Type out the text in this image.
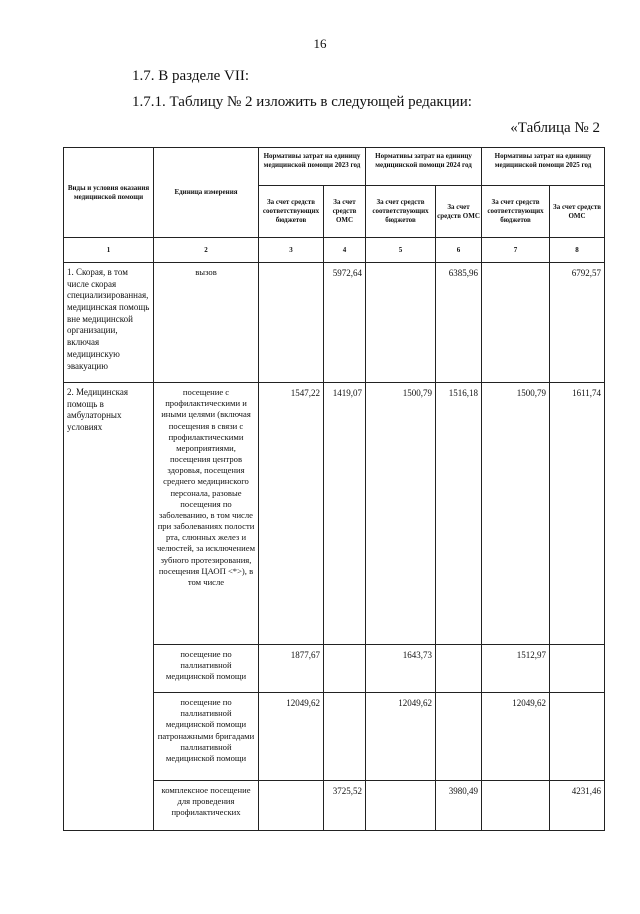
16
1.7. В разделе VII:
1.7.1. Таблицу № 2 изложить в следующей редакции:
«Таблица № 2
Виды и условия оказания медицинской помощи	Единица измерения	Нормативы затрат на единицу медицинской помощи 2023 год		Нормативы затрат на единицу медицинской помощи 2024 год		Нормативы затрат на единицу медицинской помощи 2025 год	
		За счет средств соответствующих бюджетов	За счет средств ОМС	За счет средств соответствующих бюджетов	За счет средств ОМС	За счет средств соответствующих бюджетов	За счет средств ОМС
1	2	3	4	5	6	7	8
1. Скорая, в том числе скорая специализированная, медицинская помощь вне медицинской организации, включая медицинскую эвакуацию	вызов		5972,64		6385,96		6792,57
2. Медицинская помощь в амбулаторных условиях	посещение с профилактическими и иными целями (включая посещения в связи с профилактическими мероприятиями, посещения центров здоровья, посещения среднего медицинского персонала, разовые посещения по заболеванию, в том числе при заболеваниях полости рта, слюнных желез и челюстей, за исключением зубного протезирования, посещения ЦАОП <*>), в том числе	1547,22	1419,07	1500,79	1516,18	1500,79	1611,74
	посещение по паллиативной медицинской помощи	1877,67		1643,73		1512,97	
	посещение по паллиативной медицинской помощи патронажными бригадами паллиативной медицинской помощи	12049,62		12049,62		12049,62	
	комплексное посещение для проведения профилактических		3725,52		3980,49		4231,46
